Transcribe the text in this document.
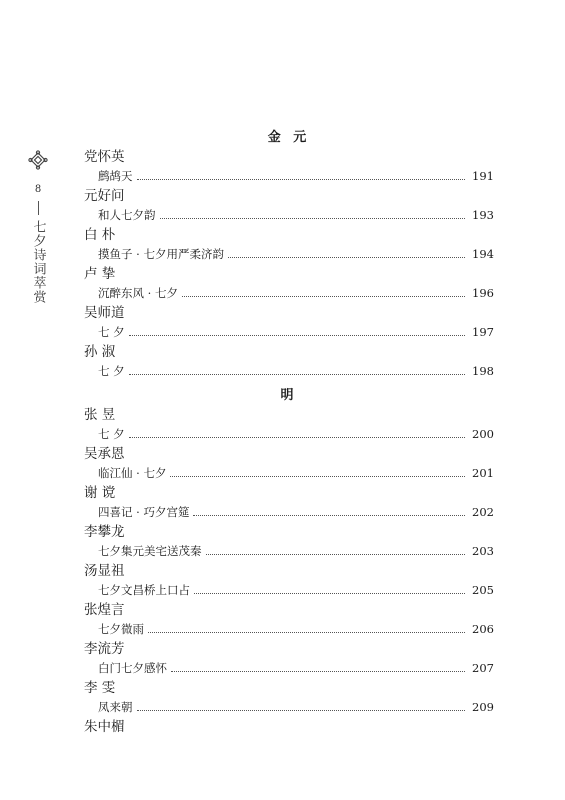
8
七夕诗词萃赏
金 元
党怀英
鹧鸪天	191
元好问
和人七夕韵	193
白 朴
摸鱼子 · 七夕用严柔济韵	194
卢 挚
沉醉东风 · 七夕	196
吴师道
七 夕	197
孙 淑
七 夕	198
明
张 昱
七 夕	200
吴承恩
临江仙 · 七夕	201
谢 谠
四喜记 · 巧夕宫筵	202
李攀龙
七夕集元美宅送茂秦	203
汤显祖
七夕文昌桥上口占	205
张煌言
七夕微雨	206
李流芳
白门七夕感怀	207
李 雯
凤来朝	209
朱中楣
